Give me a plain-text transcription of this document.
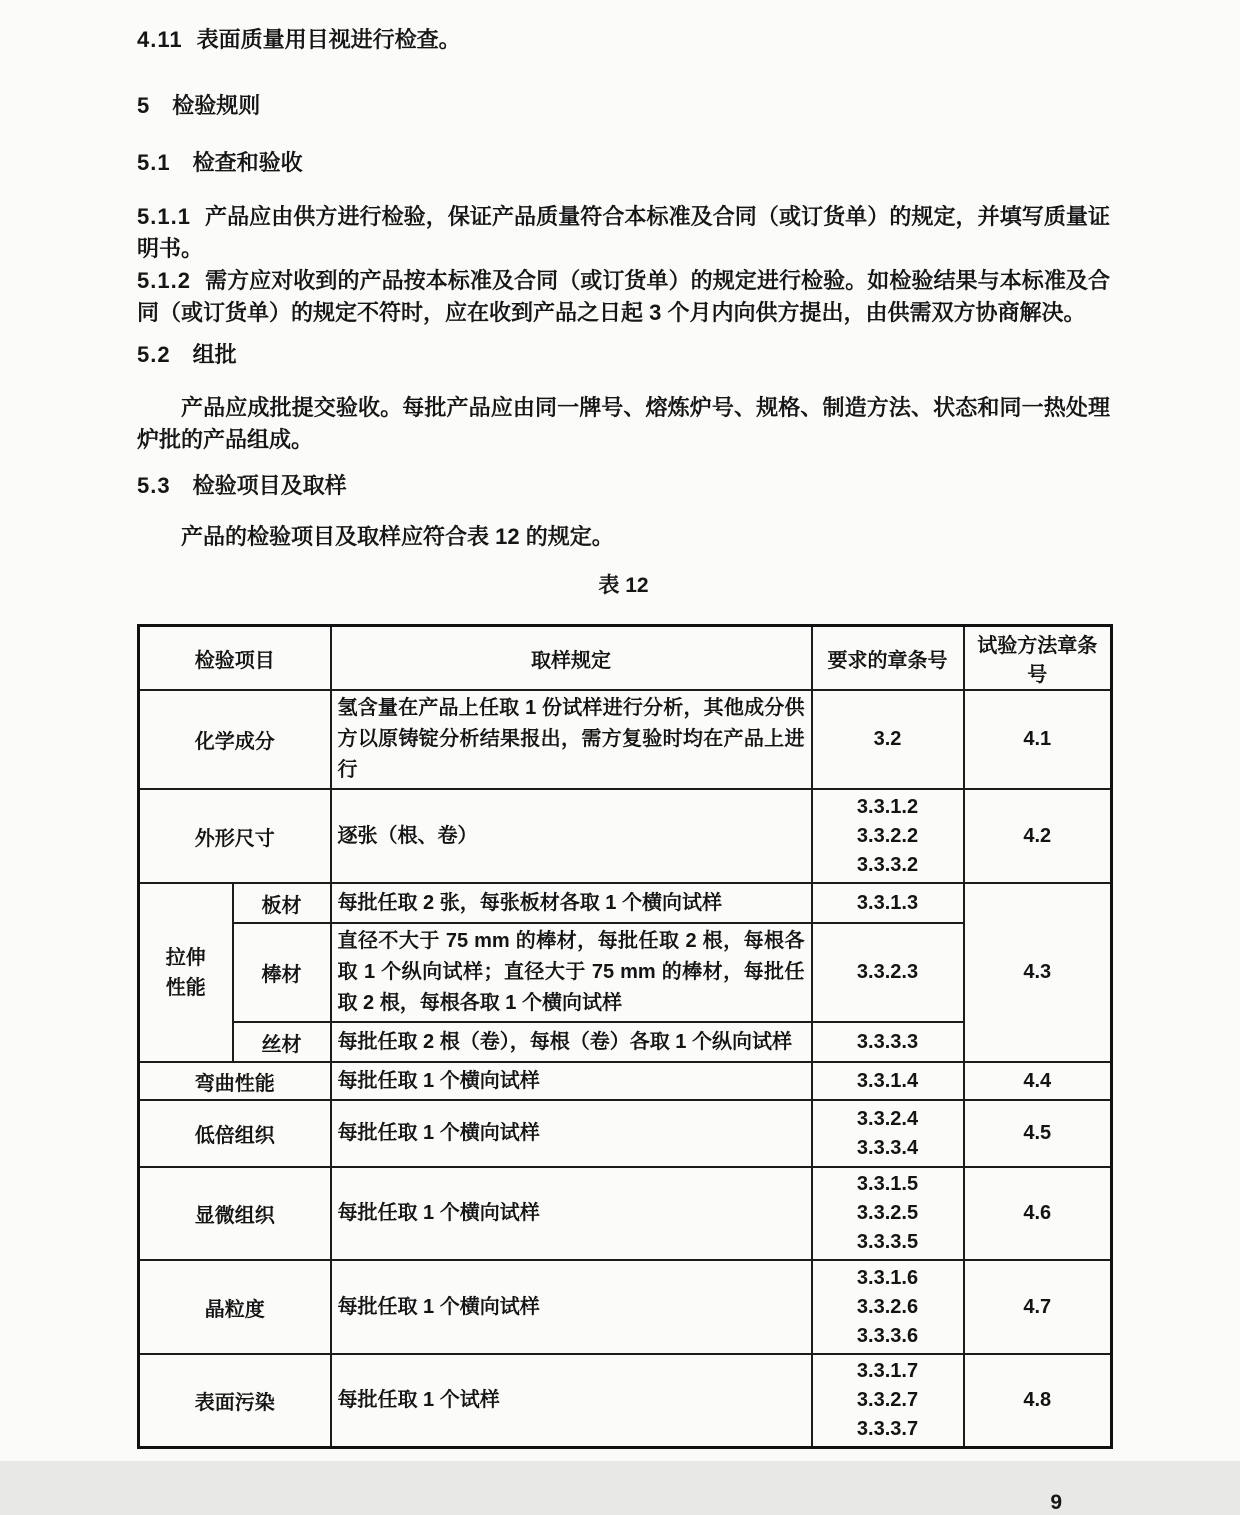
4.11 表面质量用目视进行检查。

5 检验规则

5.1 检查和验收

5.1.1 产品应由供方进行检验，保证产品质量符合本标准及合同（或订货单）的规定，并填写质量证明书。

5.1.2 需方应对收到的产品按本标准及合同（或订货单）的规定进行检验。如检验结果与本标准及合同（或订货单）的规定不符时，应在收到产品之日起 3 个月内向供方提出，由供需双方协商解决。

5.2 组批

产品应成批提交验收。每批产品应由同一牌号、熔炼炉号、规格、制造方法、状态和同一热处理炉批的产品组成。

5.3 检验项目及取样

产品的检验项目及取样应符合表 12 的规定。

表 12
检验项目		取样规定	要求的章条号	试验方法章条号
化学成分		氢含量在产品上任取 1 份试样进行分析，其他成分供方以原铸锭分析结果报出，需方复验时均在产品上进行	3.2	4.1
外形尺寸		逐张（根、卷）	3.3.1.2
3.3.2.2
3.3.3.2	4.2
拉伸性能	板材	每批任取 2 张，每张板材各取 1 个横向试样	3.3.1.3	4.3
	棒材	直径不大于 75 mm 的棒材，每批任取 2 根，每根各取 1 个纵向试样；直径大于 75 mm 的棒材，每批任取 2 根，每根各取 1 个横向试样	3.3.2.3	
	丝材	每批任取 2 根（卷），每根（卷）各取 1 个纵向试样	3.3.3.3	
弯曲性能		每批任取 1 个横向试样	3.3.1.4	4.4
低倍组织		每批任取 1 个横向试样	3.3.2.4
3.3.3.4	4.5
显微组织		每批任取 1 个横向试样	3.3.1.5
3.3.2.5
3.3.3.5	4.6
晶粒度		每批任取 1 个横向试样	3.3.1.6
3.3.2.6
3.3.3.6	4.7
表面污染		每批任取 1 个试样	3.3.1.7
3.3.2.7
3.3.3.7	4.8
9
